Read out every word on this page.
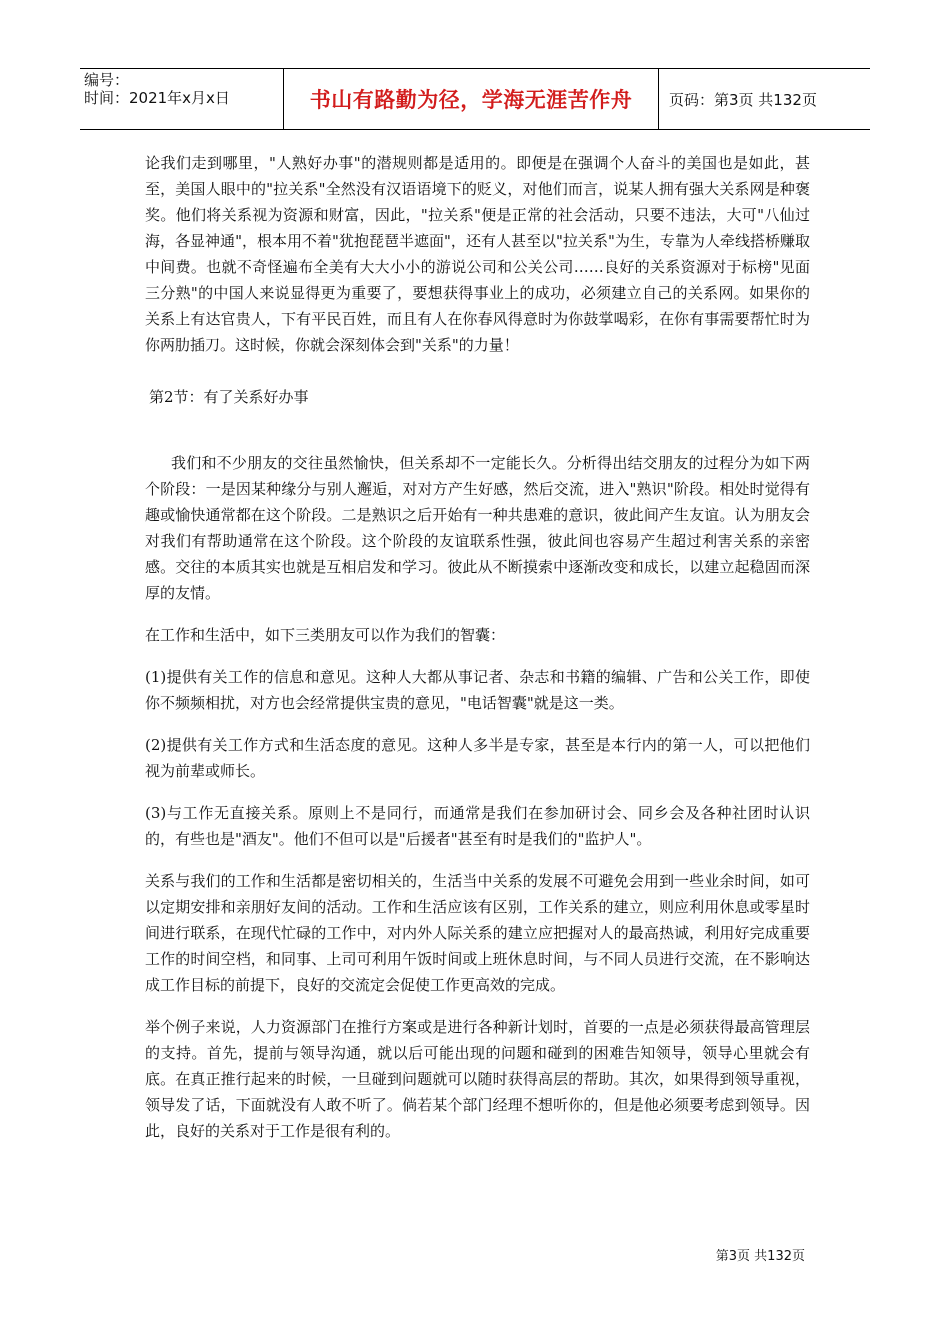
编号：
时间：2021年x月x日	书山有路勤为径，学海无涯苦作舟	页码：第3页 共132页

论我们走到哪里，"人熟好办事"的潜规则都是适用的。即便是在强调个人奋斗的美国也是如此，甚至，美国人眼中的"拉关系"全然没有汉语语境下的贬义，对他们而言，说某人拥有强大关系网是种褒奖。他们将关系视为资源和财富，因此，"拉关系"便是正常的社会活动，只要不违法，大可"八仙过海，各显神通"，根本用不着"犹抱琵琶半遮面"，还有人甚至以"拉关系"为生，专靠为人牵线搭桥赚取中间费。也就不奇怪遍布全美有大大小小的游说公司和公关公司……良好的关系资源对于标榜"见面三分熟"的中国人来说显得更为重要了，要想获得事业上的成功，必须建立自己的关系网。如果你的关系上有达官贵人，下有平民百姓，而且有人在你春风得意时为你鼓掌喝彩，在你有事需要帮忙时为你两肋插刀。这时候，你就会深刻体会到"关系"的力量！

第2节：有了关系好办事

我们和不少朋友的交往虽然愉快，但关系却不一定能长久。分析得出结交朋友的过程分为如下两个阶段：一是因某种缘分与别人邂逅，对对方产生好感，然后交流，进入"熟识"阶段。相处时觉得有趣或愉快通常都在这个阶段。二是熟识之后开始有一种共患难的意识，彼此间产生友谊。认为朋友会对我们有帮助通常在这个阶段。这个阶段的友谊联系性强，彼此间也容易产生超过利害关系的亲密感。交往的本质其实也就是互相启发和学习。彼此从不断摸索中逐渐改变和成长，以建立起稳固而深厚的友情。

在工作和生活中，如下三类朋友可以作为我们的智囊：

(1)提供有关工作的信息和意见。这种人大都从事记者、杂志和书籍的编辑、广告和公关工作，即使你不频频相扰，对方也会经常提供宝贵的意见，"电话智囊"就是这一类。

(2)提供有关工作方式和生活态度的意见。这种人多半是专家，甚至是本行内的第一人，可以把他们视为前辈或师长。

(3)与工作无直接关系。原则上不是同行，而通常是我们在参加研讨会、同乡会及各种社团时认识的，有些也是"酒友"。他们不但可以是"后援者"甚至有时是我们的"监护人"。

关系与我们的工作和生活都是密切相关的，生活当中关系的发展不可避免会用到一些业余时间，如可以定期安排和亲朋好友间的活动。工作和生活应该有区别，工作关系的建立，则应利用休息或零星时间进行联系，在现代忙碌的工作中，对内外人际关系的建立应把握对人的最高热诚，利用好完成重要工作的时间空档，和同事、上司可利用午饭时间或上班休息时间，与不同人员进行交流，在不影响达成工作目标的前提下，良好的交流定会促使工作更高效的完成。

举个例子来说，人力资源部门在推行方案或是进行各种新计划时，首要的一点是必须获得最高管理层的支持。首先，提前与领导沟通，就以后可能出现的问题和碰到的困难告知领导，领导心里就会有底。在真正推行起来的时候，一旦碰到问题就可以随时获得高层的帮助。其次，如果得到领导重视，领导发了话，下面就没有人敢不听了。倘若某个部门经理不想听你的，但是他必须要考虑到领导。因此，良好的关系对于工作是很有利的。

第3页 共132页
